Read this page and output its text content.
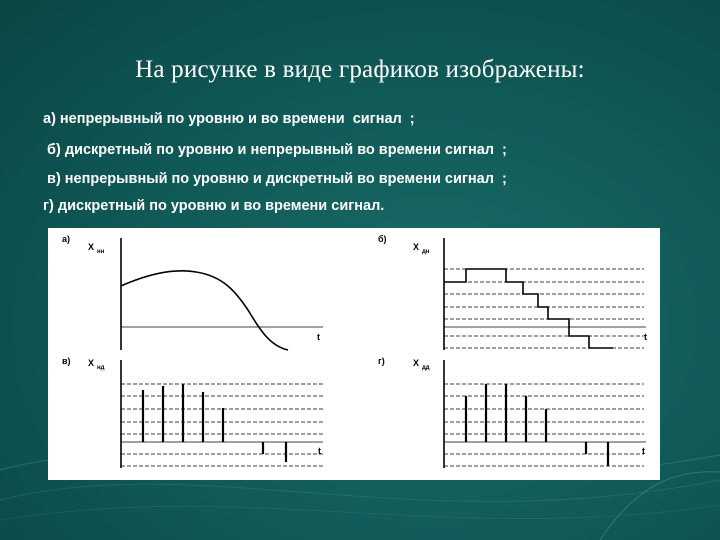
На рисунке в виде графиков изображены:
а) непрерывный по уровню и во времени  сигнал  ;
б) дискретный по уровню и непрерывный во времени сигнал  ;
в) непрерывный по уровню и дискретный во времени сигнал  ;
г) дискретный по уровню и во времени сигнал.
а)
X нн
t
б)
X дн
t
в) X нд
t
г)	X дд
t
